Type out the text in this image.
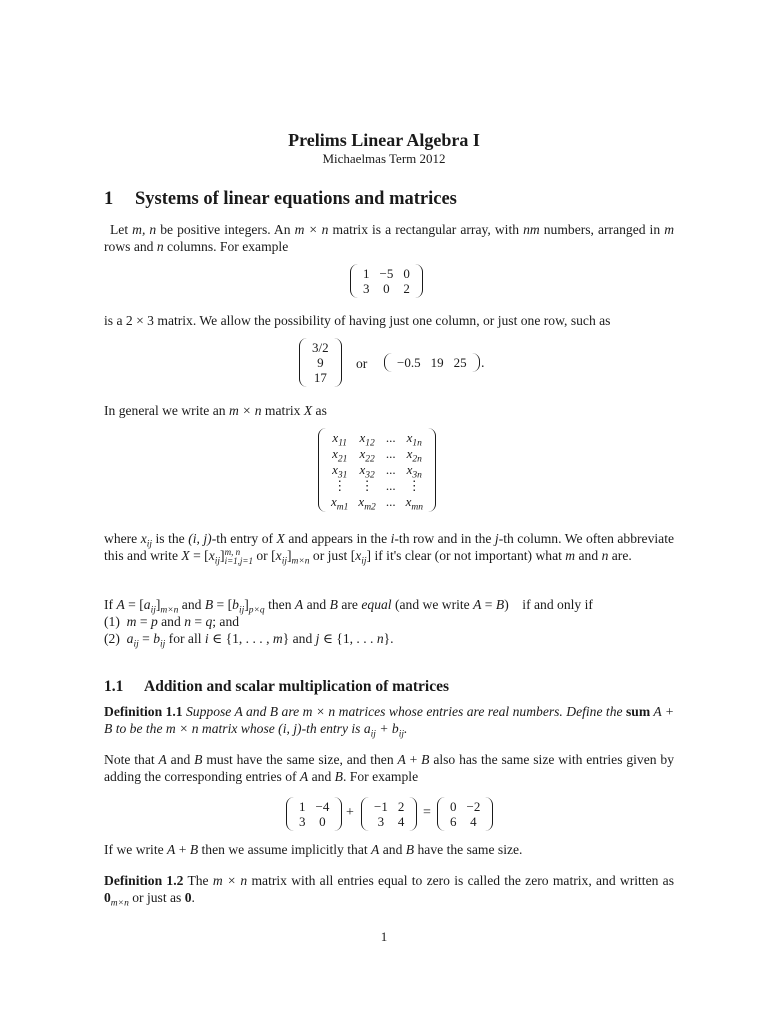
Prelims Linear Algebra I
Michaelmas Term 2012
1 Systems of linear equations and matrices
Let m, n be positive integers. An m × n matrix is a rectangular array, with nm numbers, arranged in m rows and n columns. For example
1 −5 0
3	0	2
is a 2 × 3 matrix. We allow the possibility of having just one column, or just one row, such as
3/2
9
17
or	−0.5 19 25	.
In general we write an m × n matrix X as
$x_{11}$ $x_{12}$ ... $x_{1n}$
$x_{21}$ $x_{22}$ ... $x_{2n}$
$x_{31}$ $x_{32}$ ... $x_{3n}$
⋮	⋮ ... ⋮
$x_{m1}$ $x_{m2}$ ... $x_{mn}$
where $x_{ij}$ is the (i, j)-th entry of X and appears in the i-th row and in the j-th column. We often abbreviate this and write $X = [x_{ij}]$ m, n
i=1,j=1 or $[x_{ij}]_{m\times n}$ or just $[x_{ij}]$ if it's clear (or not important) what m and n are.
If $A = [a_{ij}]_{m\times n}$ and $B = [b_{ij}]_{p\times q}$ then A and B are equal (and we write A = B)    if and only if
(1)  m = p and n = q; and
(2)  $a_{ij} = b_{ij}$ for all i ∈ {1, . . . , m} and j ∈ {1, . . . n}.
1.1 Addition and scalar multiplication of matrices
Definition 1.1 Suppose A and B are m × n matrices whose entries are real numbers. Define the sum A + B to be the m × n matrix whose (i, j)-th entry is $a_{ij} + b_{ij}$.
Note that A and B must have the same size, and then A + B also has the same size with entries given by adding the corresponding entries of A and B. For example
1 −4
3	0
+	−1 2
3	4
=	0 −2
6	4
If we write A + B then we assume implicitly that A and B have the same size.
Definition 1.2 The m × n matrix with all entries equal to zero is called the zero matrix, and written as $0_{m\times n}$ or just as 0.
1
